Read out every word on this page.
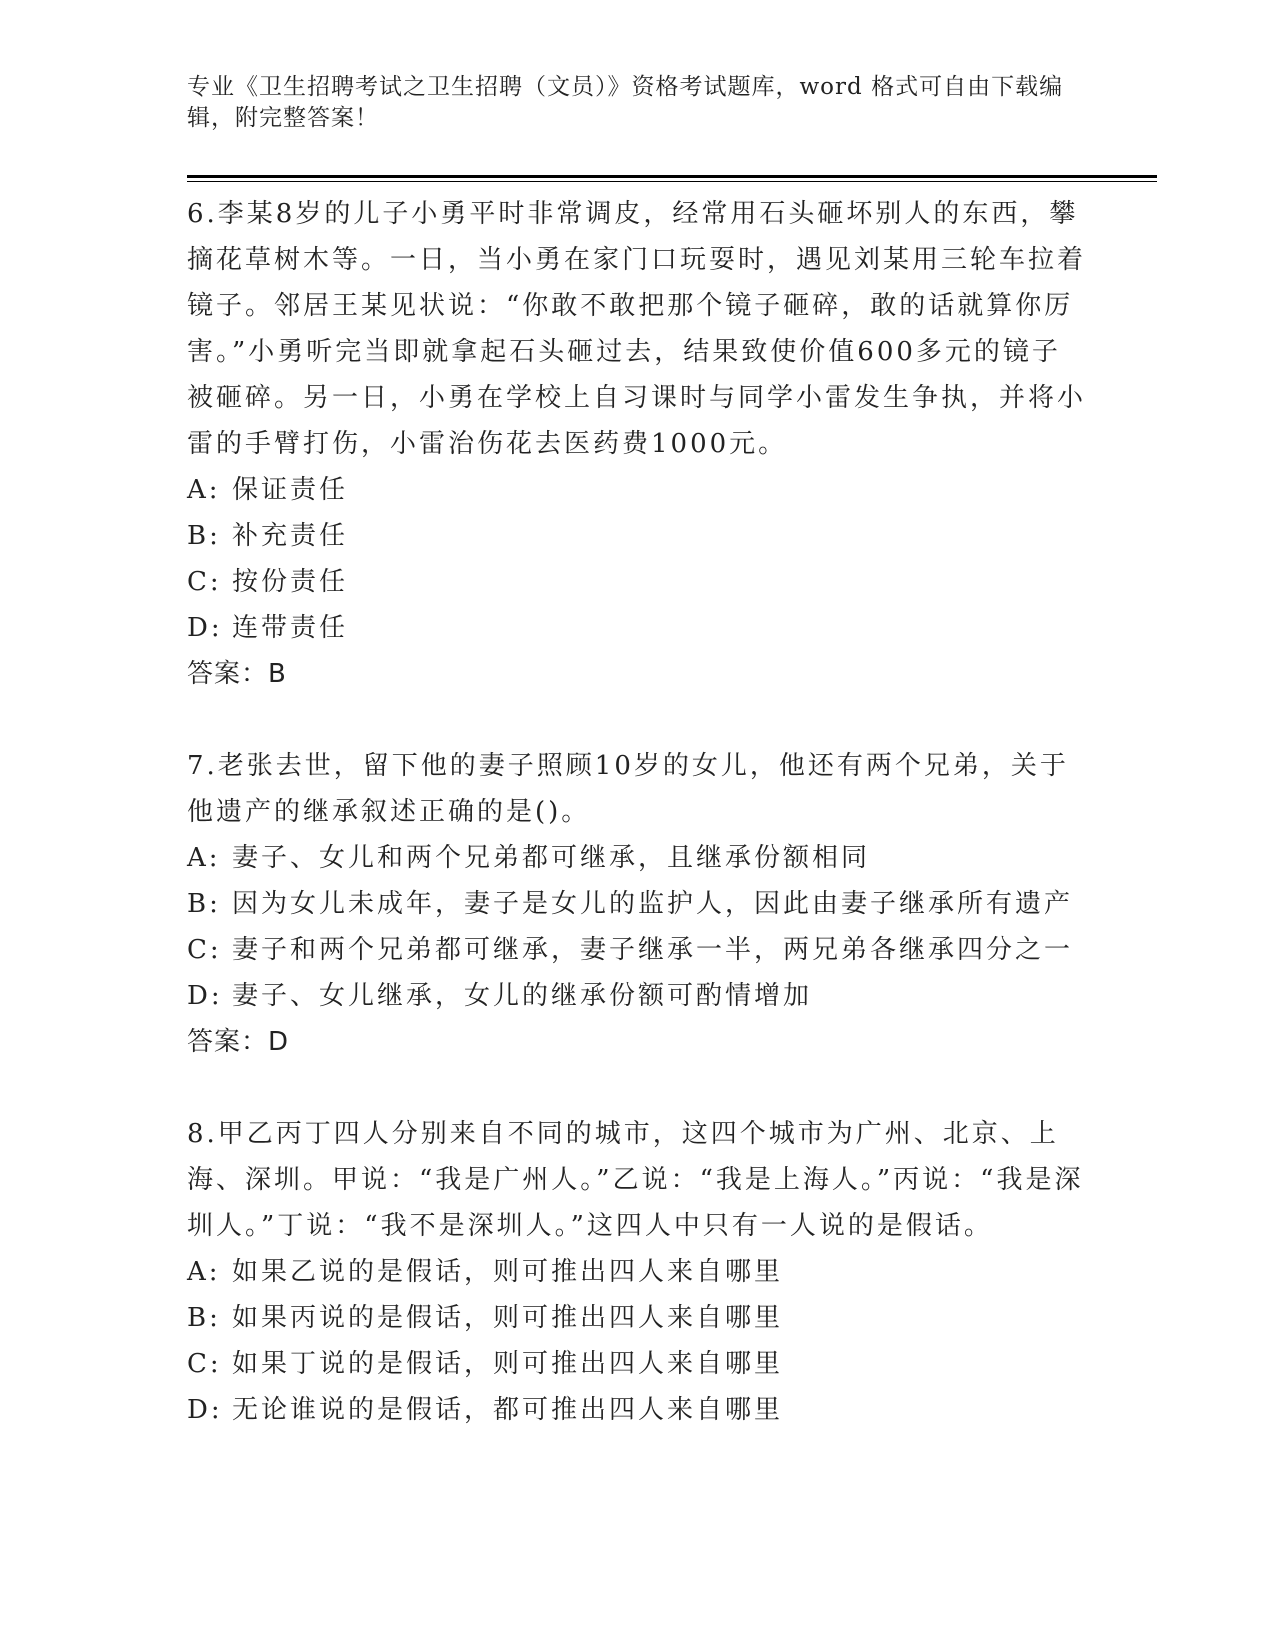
专业《卫生招聘考试之卫生招聘（文员）》资格考试题库，word 格式可自由下载编辑，附完整答案！

6.李某8岁的儿子小勇平时非常调皮，经常用石头砸坏别人的东西，攀摘花草树木等。一日，当小勇在家门口玩耍时，遇见刘某用三轮车拉着镜子。邻居王某见状说：“你敢不敢把那个镜子砸碎，敢的话就算你厉害。”小勇听完当即就拿起石头砸过去，结果致使价值600多元的镜子被砸碎。另一日，小勇在学校上自习课时与同学小雷发生争执，并将小雷的手臂打伤，小雷治伤花去医药费1000元。

A: 保证责任
B: 补充责任
C: 按份责任
D: 连带责任
答案：B

7.老张去世，留下他的妻子照顾10岁的女儿，他还有两个兄弟，关于他遗产的继承叙述正确的是()。

A: 妻子、女儿和两个兄弟都可继承，且继承份额相同
B: 因为女儿未成年，妻子是女儿的监护人，因此由妻子继承所有遗产
C: 妻子和两个兄弟都可继承，妻子继承一半，两兄弟各继承四分之一
D: 妻子、女儿继承，女儿的继承份额可酌情增加
答案：D

8.甲乙丙丁四人分别来自不同的城市，这四个城市为广州、北京、上海、深圳。甲说：“我是广州人。”乙说：“我是上海人。”丙说：“我是深圳人。”丁说：“我不是深圳人。”这四人中只有一人说的是假话。

A: 如果乙说的是假话，则可推出四人来自哪里
B: 如果丙说的是假话，则可推出四人来自哪里
C: 如果丁说的是假话，则可推出四人来自哪里
D: 无论谁说的是假话，都可推出四人来自哪里
